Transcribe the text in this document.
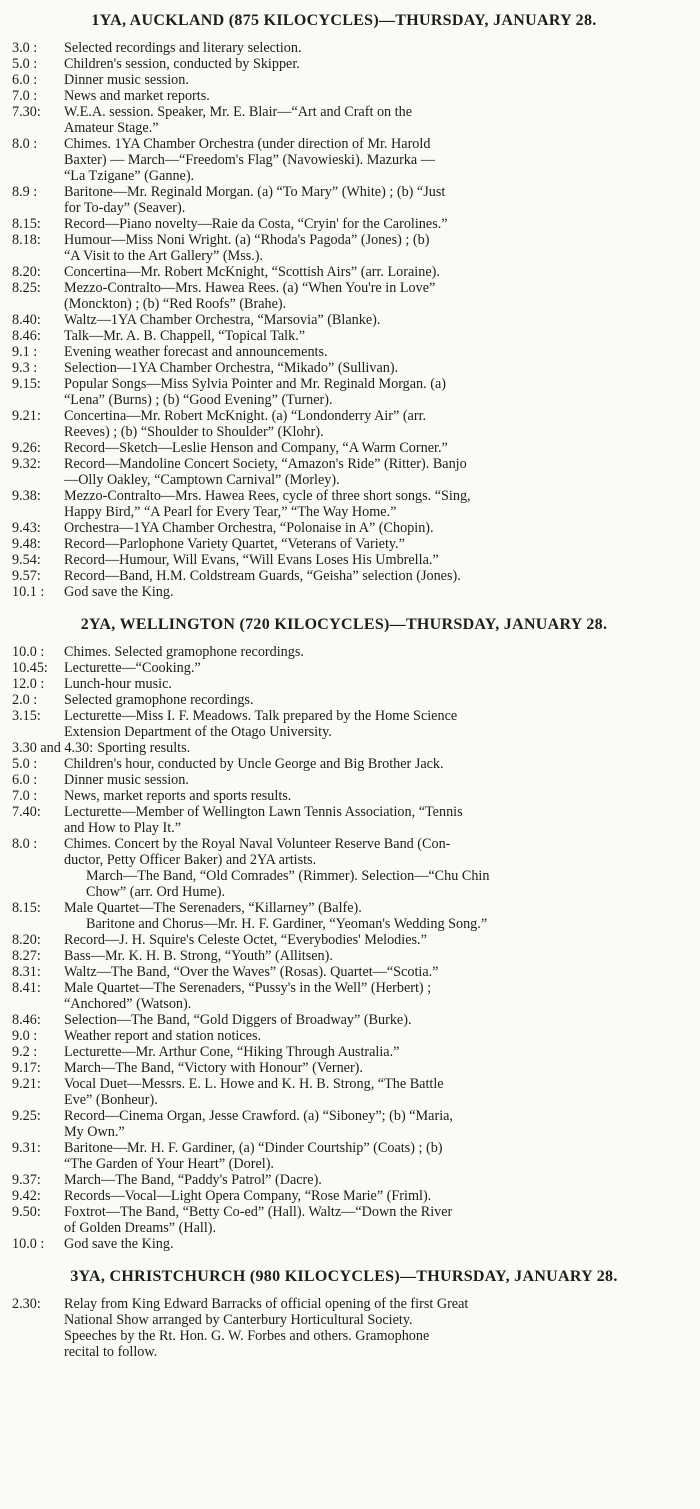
1YA, AUCKLAND (875 KILOCYCLES)—THURSDAY, JANUARY 28.
3.0 :	Selected recordings and literary selection.
5.0 :	Children's session, conducted by Skipper.
6.0 :	Dinner music session.
7.0 :	News and market reports.
7.30:	W.E.A. session. Speaker, Mr. E. Blair—“Art and Craft on the
Amateur Stage.”
8.0 :	Chimes. 1YA Chamber Orchestra (under direction of Mr. Harold
Baxter) — March—“Freedom's Flag” (Navowieski). Mazurka —
“La Tzigane” (Ganne).
8.9 :	Baritone—Mr. Reginald Morgan. (a) “To Mary” (White) ; (b) “Just
for To-day” (Seaver).
8.15:	Record—Piano novelty—Raie da Costa, “Cryin' for the Carolines.”
8.18:	Humour—Miss Noni Wright. (a) “Rhoda's Pagoda” (Jones) ; (b)
“A Visit to the Art Gallery” (Mss.).
8.20:	Concertina—Mr. Robert McKnight, “Scottish Airs” (arr. Loraine).
8.25:	Mezzo-Contralto—Mrs. Hawea Rees. (a) “When You're in Love”
(Monckton) ; (b) “Red Roofs” (Brahe).
8.40:	Waltz—1YA Chamber Orchestra, “Marsovia” (Blanke).
8.46:	Talk—Mr. A. B. Chappell, “Topical Talk.”
9.1 :	Evening weather forecast and announcements.
9.3 :	Selection—1YA Chamber Orchestra, “Mikado” (Sullivan).
9.15:	Popular Songs—Miss Sylvia Pointer and Mr. Reginald Morgan. (a)
“Lena” (Burns) ; (b) “Good Evening” (Turner).
9.21:	Concertina—Mr. Robert McKnight. (a) “Londonderry Air” (arr.
Reeves) ; (b) “Shoulder to Shoulder” (Klohr).
9.26:	Record—Sketch—Leslie Henson and Company, “A Warm Corner.”
9.32:	Record—Mandoline Concert Society, “Amazon's Ride” (Ritter). Banjo
—Olly Oakley, “Camptown Carnival” (Morley).
9.38:	Mezzo-Contralto—Mrs. Hawea Rees, cycle of three short songs. “Sing,
Happy Bird,” “A Pearl for Every Tear,” “The Way Home.”
9.43:	Orchestra—1YA Chamber Orchestra, “Polonaise in A” (Chopin).
9.48:	Record—Parlophone Variety Quartet, “Veterans of Variety.”
9.54:	Record—Humour, Will Evans, “Will Evans Loses His Umbrella.”
9.57:	Record—Band, H.M. Coldstream Guards, “Geisha” selection (Jones).
10.1 :	God save the King.
2YA, WELLINGTON (720 KILOCYCLES)—THURSDAY, JANUARY 28.
10.0 :	Chimes. Selected gramophone recordings.
10.45:	Lecturette—“Cooking.”
12.0 :	Lunch-hour music.
2.0 :	Selected gramophone recordings.
3.15:	Lecturette—Miss I. F. Meadows. Talk prepared by the Home Science
Extension Department of the Otago University.
3.30 and 4.30: Sporting results.
5.0 :	Children's hour, conducted by Uncle George and Big Brother Jack.
6.0 :	Dinner music session.
7.0 :	News, market reports and sports results.
7.40:	Lecturette—Member of Wellington Lawn Tennis Association, “Tennis
and How to Play It.”
8.0 :	Chimes. Concert by the Royal Naval Volunteer Reserve Band (Con-
ductor, Petty Officer Baker) and 2YA artists.
March—The Band, “Old Comrades” (Rimmer). Selection—“Chu Chin
Chow” (arr. Ord Hume).
8.15:	Male Quartet—The Serenaders, “Killarney” (Balfe).
Baritone and Chorus—Mr. H. F. Gardiner, “Yeoman's Wedding Song.”
8.20:	Record—J. H. Squire's Celeste Octet, “Everybodies' Melodies.”
8.27:	Bass—Mr. K. H. B. Strong, “Youth” (Allitsen).
8.31:	Waltz—The Band, “Over the Waves” (Rosas). Quartet—“Scotia.”
8.41:	Male Quartet—The Serenaders, “Pussy's in the Well” (Herbert) ;
“Anchored” (Watson).
8.46:	Selection—The Band, “Gold Diggers of Broadway” (Burke).
9.0 :	Weather report and station notices.
9.2 :	Lecturette—Mr. Arthur Cone, “Hiking Through Australia.”
9.17:	March—The Band, “Victory with Honour” (Verner).
9.21:	Vocal Duet—Messrs. E. L. Howe and K. H. B. Strong, “The Battle
Eve” (Bonheur).
9.25:	Record—Cinema Organ, Jesse Crawford. (a) “Siboney”; (b) “Maria,
My Own.”
9.31:	Baritone—Mr. H. F. Gardiner, (a) “Dinder Courtship” (Coats) ; (b)
“The Garden of Your Heart” (Dorel).
9.37:	March—The Band, “Paddy's Patrol” (Dacre).
9.42:	Records—Vocal—Light Opera Company, “Rose Marie” (Friml).
9.50:	Foxtrot—The Band, “Betty Co-ed” (Hall). Waltz—“Down the River
of Golden Dreams” (Hall).
10.0 :	God save the King.
3YA, CHRISTCHURCH (980 KILOCYCLES)—THURSDAY, JANUARY 28.
2.30:	Relay from King Edward Barracks of official opening of the first Great
National Show arranged by Canterbury Horticultural Society.
Speeches by the Rt. Hon. G. W. Forbes and others. Gramophone
recital to follow.
